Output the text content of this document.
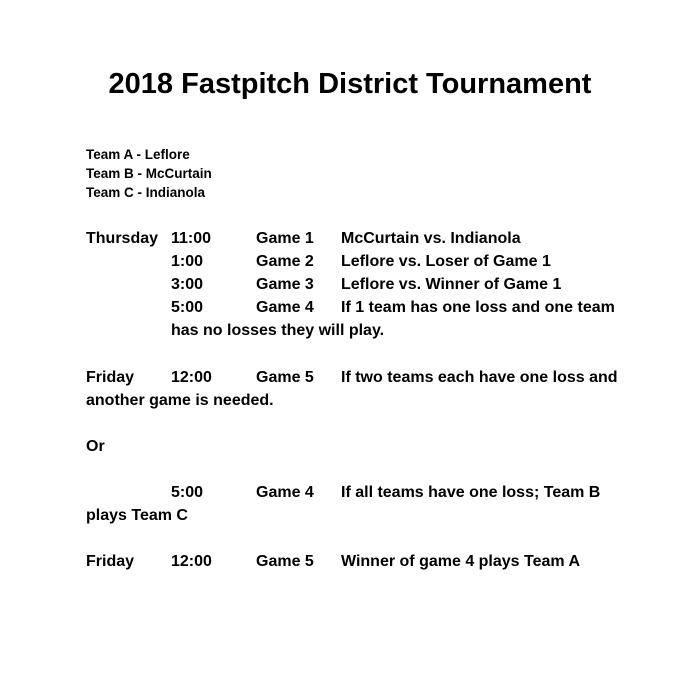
2018 Fastpitch District Tournament
Team A - Leflore
Team B - McCurtain
Team C - Indianola
Thursday 11:00	Game 1 McCurtain vs. Indianola
1:00	Game 2 Leflore vs. Loser of Game 1
3:00	Game 3 Leflore vs. Winner of Game 1
5:00	Game 4 If 1 team has one loss and one team
has no losses they will play.
Friday 12:00	Game 5 If two teams each have one loss and
another game is needed.
Or
5:00	Game 4 If all teams have one loss; Team B
plays Team C
Friday 12:00	Game 5 Winner of game 4 plays Team A
